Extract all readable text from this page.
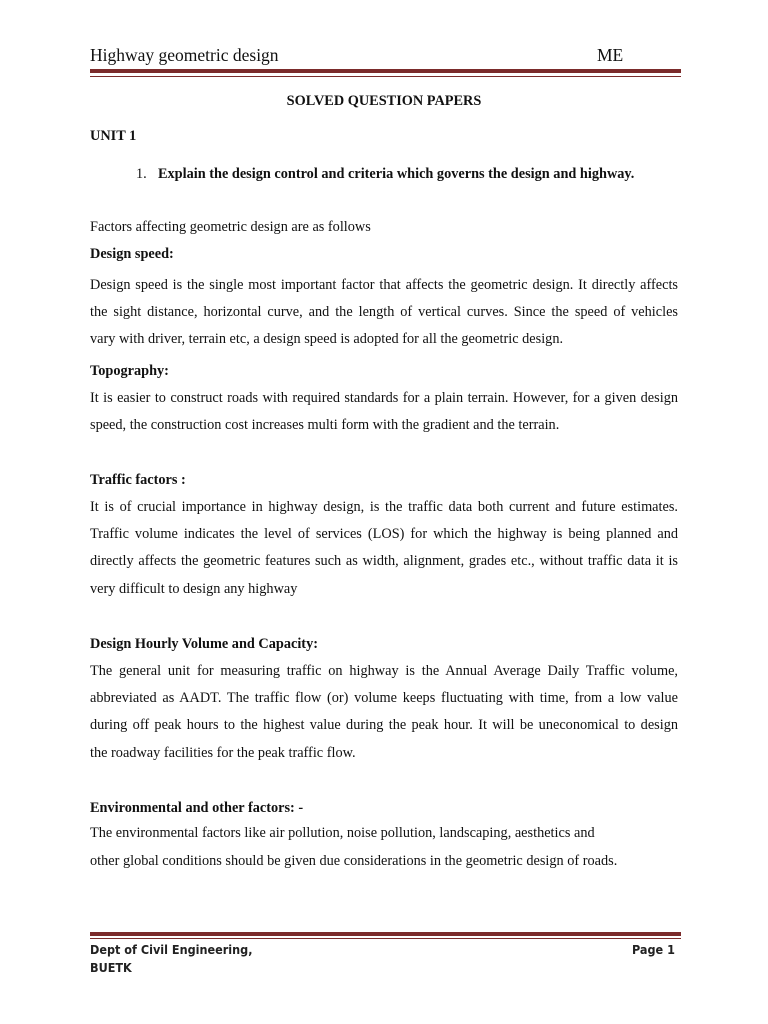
Highway geometric design	ME
SOLVED QUESTION PAPERS
UNIT 1
1. Explain the design control and criteria which governs the design and highway.
Factors affecting geometric design are as follows
Design speed:
Design speed is the single most important factor that affects the geometric design. It directly affects
the sight distance, horizontal curve, and the length of vertical curves. Since the speed of vehicles
vary with driver, terrain etc, a design speed is adopted for all the geometric design.
Topography:
It is easier to construct roads with required standards for a plain terrain. However, for a given design
speed, the construction cost increases multi form with the gradient and the terrain.
Traffic factors :
It is of crucial importance in highway design, is the traffic data both current and future estimates.
Traffic volume indicates the level of services (LOS) for which the highway is being planned and
directly affects the geometric features such as width, alignment, grades etc., without traffic data it is
very difficult to design any highway
Design Hourly Volume and Capacity:
The general unit for measuring traffic on highway is the Annual Average Daily Traffic volume,
abbreviated as AADT. The traffic flow (or) volume keeps fluctuating with time, from a low value
during off peak hours to the highest value during the peak hour. It will be uneconomical to design
the roadway facilities for the peak traffic flow.
Environmental and other factors: -
The environmental factors like air pollution, noise pollution, landscaping, aesthetics and
other global conditions should be given due considerations in the geometric design of roads.
Dept of Civil Engineering,
BUETK
Page 1
